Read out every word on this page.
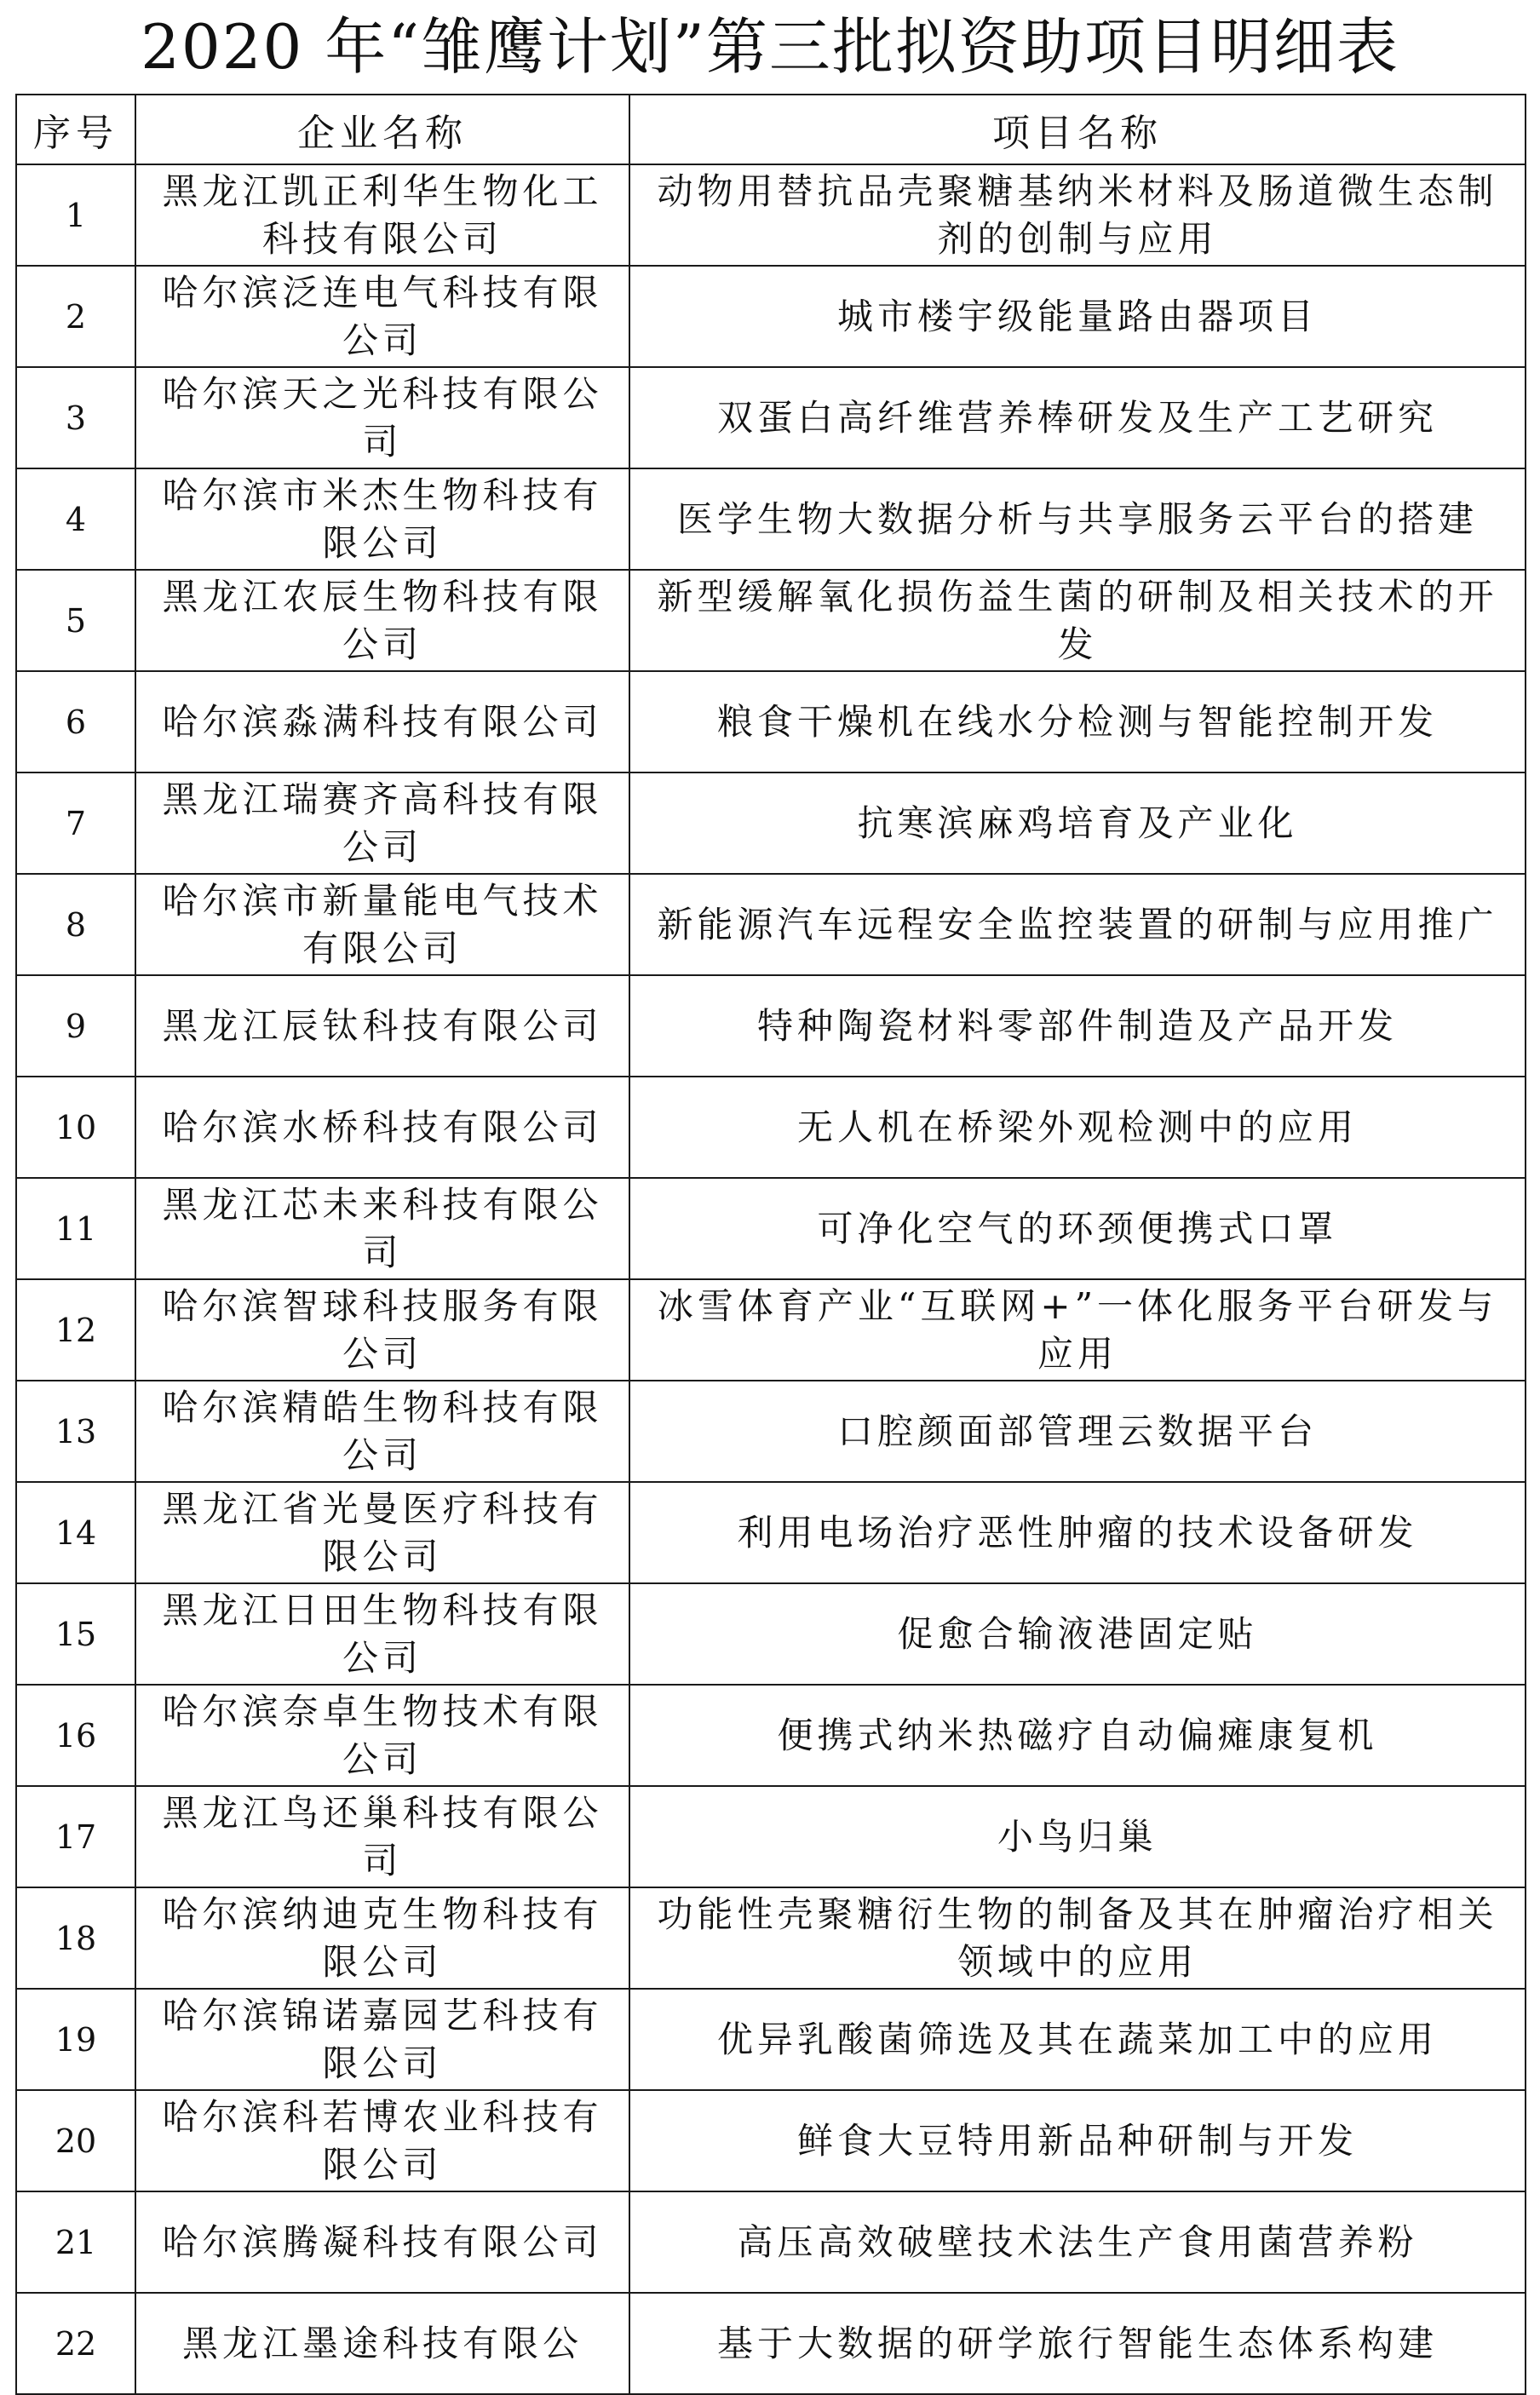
2020 年“雏鹰计划”第三批拟资助项目明细表
序号	企业名称	项目名称
1	黑龙江凯正利华生物化工科技有限公司	动物用替抗品壳聚糖基纳米材料及肠道微生态制剂的创制与应用
2	哈尔滨泛连电气科技有限公司	城市楼宇级能量路由器项目
3	哈尔滨天之光科技有限公司	双蛋白高纤维营养棒研发及生产工艺研究
4	哈尔滨市米杰生物科技有限公司	医学生物大数据分析与共享服务云平台的搭建
5	黑龙江农辰生物科技有限公司	新型缓解氧化损伤益生菌的研制及相关技术的开发
6	哈尔滨淼满科技有限公司	粮食干燥机在线水分检测与智能控制开发
7	黑龙江瑞赛齐高科技有限公司	抗寒滨麻鸡培育及产业化
8	哈尔滨市新量能电气技术有限公司	新能源汽车远程安全监控装置的研制与应用推广
9	黑龙江辰钛科技有限公司	特种陶瓷材料零部件制造及产品开发
10	哈尔滨水桥科技有限公司	无人机在桥梁外观检测中的应用
11	黑龙江芯未来科技有限公司	可净化空气的环颈便携式口罩
12	哈尔滨智球科技服务有限公司	冰雪体育产业“互联网+”一体化服务平台研发与应用
13	哈尔滨精皓生物科技有限公司	口腔颜面部管理云数据平台
14	黑龙江省光曼医疗科技有限公司	利用电场治疗恶性肿瘤的技术设备研发
15	黑龙江日田生物科技有限公司	促愈合输液港固定贴
16	哈尔滨奈卓生物技术有限公司	便携式纳米热磁疗自动偏瘫康复机
17	黑龙江鸟还巢科技有限公司	小鸟归巢
18	哈尔滨纳迪克生物科技有限公司	功能性壳聚糖衍生物的制备及其在肿瘤治疗相关领域中的应用
19	哈尔滨锦诺嘉园艺科技有限公司	优异乳酸菌筛选及其在蔬菜加工中的应用
20	哈尔滨科若博农业科技有限公司	鲜食大豆特用新品种研制与开发
21	哈尔滨腾凝科技有限公司	高压高效破壁技术法生产食用菌营养粉
22	黑龙江墨途科技有限公	基于大数据的研学旅行智能生态体系构建
